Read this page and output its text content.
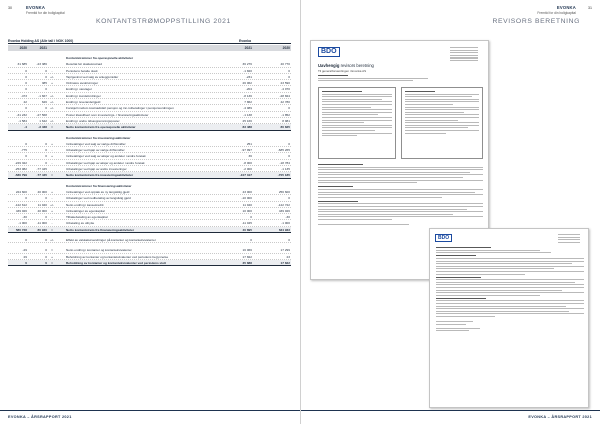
30	EVONKA
Fremtid for din boligkapital
KONTANTSTRØMOPPSTILLING 2021
Evonka Holding AS (Alle tall i NOK 1000)	Evonka
2020	2021	2021	2020
Kontantstrømmer fra operasjonelle aktiviteter
31 685	-23 386	Resultat før skattekostnad	36 276	40 770
0	0	-	Periodens betalte skatt	-1 820	0
0	0	+/-	Tap/gevinst ved salg av anleggsmidler	-231	0
0	385	+	Ordinære avskrivninger	26 062	23 590
0	0	Endring i varelager	-204	-4 070
-473	-1 667	+/-	Endring i kundefordringer	-8 136	-28 824
42	626	+/-	Endring i leverandørgjeld	7 862	42 780
0	0	+/-	Forskjell mellom kostnadsført pensjon og inn-/utbetalinger i pensjonsordningen	-4 089	0
-31 232	-27 568	Poster klassifisert som investerings- / finansieringsaktiviteter	-1 138	-1 852
-1 584	1 642	+/-	Endring i andre tidsavgrensningsposter	25 166	8 981
-4	-3 438	=	Netto kontantstrøm fra operasjonelle aktiviteter	83 488	80 825
Kontantstrømmer fra investeringsaktiviteter
0	0	+	Innbetalinger ved salg av varige driftsmidler	251	0
-775	0	-	Utbetalinger ved kjøp av varige driftsmidler	-97 997	-685 265
0	0	+	Innbetalinger ved salg av aksjer og andeler i andre foretak	36	0
-229 322	0	-	Utbetalinger ved kjøp av aksjer og andeler i andre foretak	-8 000	-18 784
-253 082	-77 445	Utbetalinger ved kjøp av andre investeringer	-2 000	-1 135
-580 799	-77 445	=	Netto kontantstrøm fra investeringsaktiviteter	-107 317	-705 185
Kontantstrømmer fra finansieringsaktiviteter
224 600	40 000	+	Innbetalinger ved opptak av ny langsiktig gjeld	43 000	256 600
0	0	-	Utbetalinger ved nedbetaling av langsiktig gjeld	-10 000	0
-122 612	11 940	+/-	Netto endring i kassekreditt	11 940	-122 722
439 026	40 000	+	Innbetalinger av egenkapital	10 000	439 026
-30	0	-	Tilbakebetaling av egenkapital	0	-30
-1 000	-11 000	-	Utbetaling av utbytte	-11 045	-1 000
580 728	80 940	=	Netto kontantstrøm fra finansieringsaktiviteter	40 895	634 933
0	0	+/-	Effekt av valutakursendringer på kontanter og kontantekvivalenter	0	0
-29	0	=	Netto endring i kontanter og kontantekvivalenter	16 066	17 299
29	0	+	Beholdning av kontanter og kontantekvivalenter ved periodens begynnelse	17 822	23
0	0	=	Beholdning av kontanter og kontantekvivalenter ved periodens slutt	35 888	17 822
EVONKA – ÅRSRAPPORT 2021
EVONKA
Fremtid for din boligkapital
31
REVISORS BERETNING
BDO
Uavhengig revisors beretning
Til generalforsamlingen i Evonka AS
BDO
EVONKA – ÅRSRAPPORT 2021
